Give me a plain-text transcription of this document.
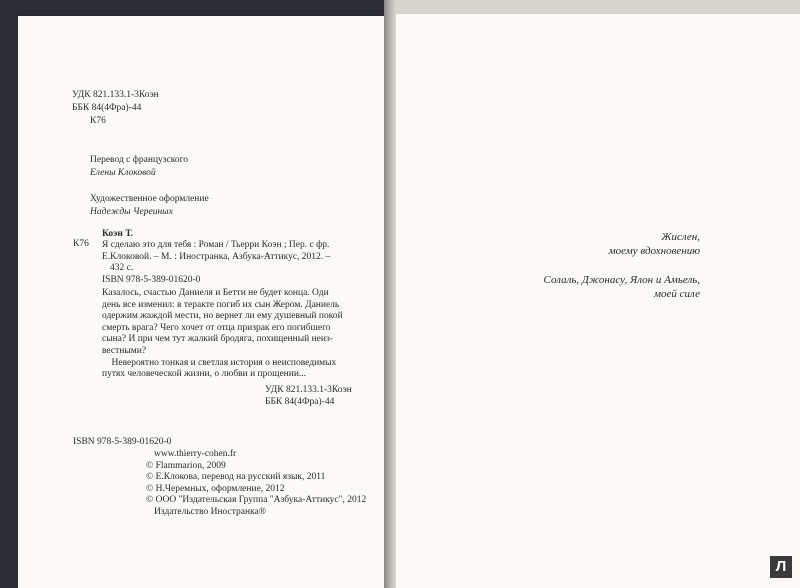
УДК 821.133.1-3Коэн
ББК 84(4Фра)-44
К76
Перевод с французского
Елены Клоковой
Художественное оформление
Надежды Череиных
К76
Коэн Т.
Я сделаю это для тебя : Роман / Тьерри Коэн ; Пер. с фр.
Е.Клоковой. – М. : Иностранка, Азбука-Аттикус, 2012. –
432 с.
ISBN 978-5-389-01620-0
Казалось, счастью Даниеля и Бетти не будет конца. Оди
день все изменил: в теракте погиб их сын Жером. Даниель
одержим жаждой мести, но вернет ли ему душевный покой
смерть врага? Чего хочет от отца призрак его погибшего
сына? И при чем тут жалкий бродяга, похищенный неиз-
вестными?
Невероятно тонкая и светлая история о неисповедимых
путях человеческой жизни, о любви и прощении...
УДК 821.133.1-3Коэн
ББК 84(4Фра)-44
ISBN 978-5-389-01620-0
www.thierry-cohen.fr
© Flammarion, 2009
© Е.Клокова, перевод на русский язык, 2011
© Н.Черемных, оформление, 2012
© ООО "Издательская Группа "Азбука-Аттикус", 2012
Издательство Иностранка®
Жислен,
моему вдохновению
Солаль, Джонасу, Ялон и Амьель,
моей силе
Л
